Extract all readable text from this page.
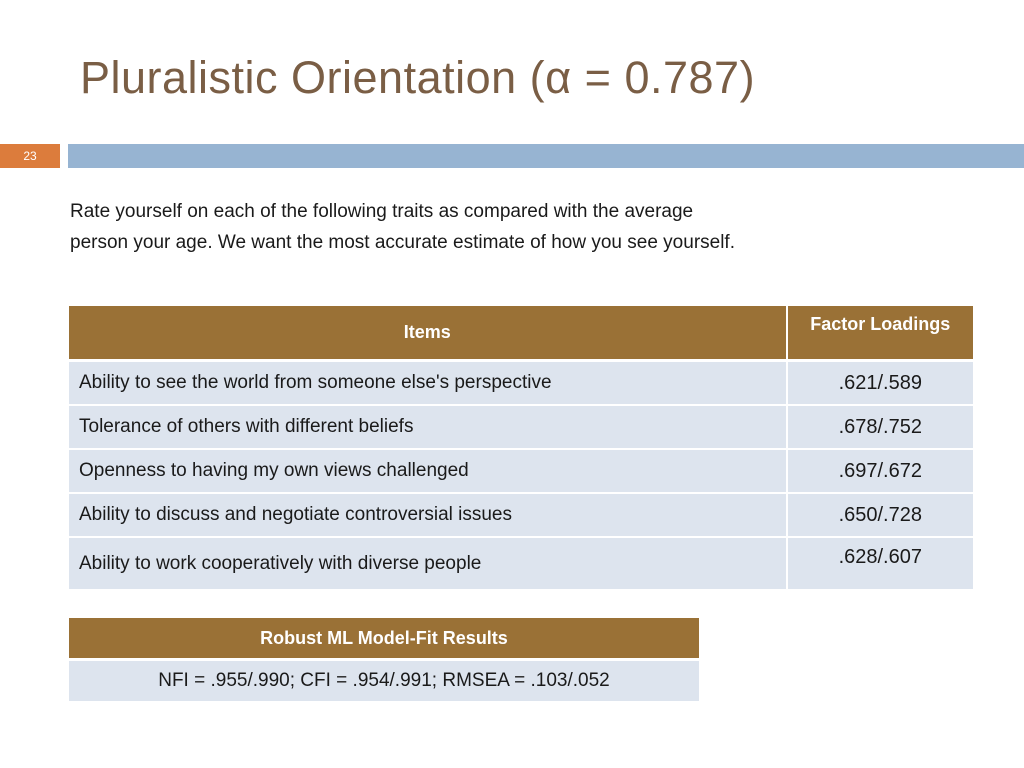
Pluralistic Orientation (α = 0.787)
23
Rate yourself on each of the following traits as compared with the average
person your age. We want the most accurate estimate of how you see yourself.
Items	Factor Loadings
Ability to see the world from someone else's perspective	.621/.589
Tolerance of others with different beliefs	.678/.752
Openness to having my own views challenged	.697/.672
Ability to discuss and negotiate controversial issues	.650/.728
Ability to work cooperatively with diverse people	.628/.607
Robust ML Model-Fit Results
NFI = .955/.990; CFI = .954/.991; RMSEA = .103/.052
